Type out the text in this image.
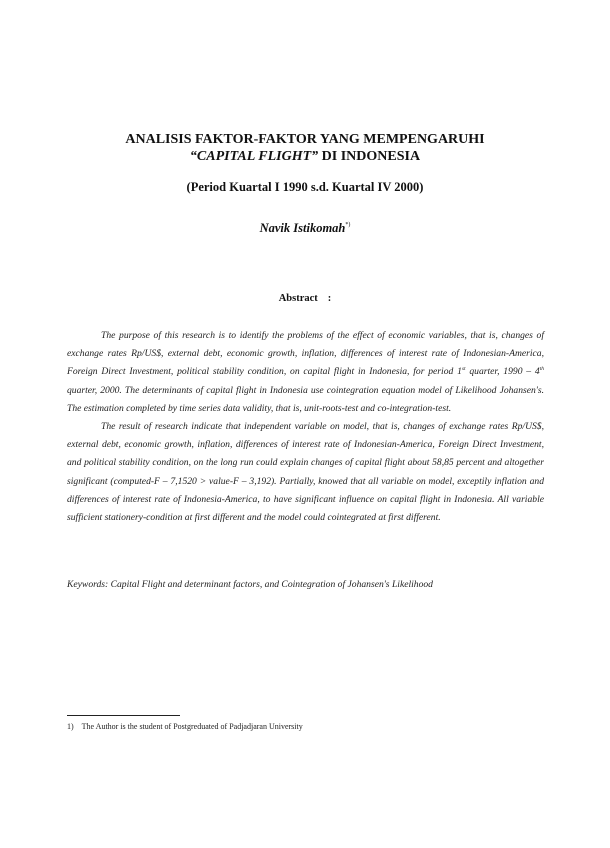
ANALISIS FAKTOR-FAKTOR YANG MEMPENGARUHI
“CAPITAL FLIGHT” DI INDONESIA
(Period Kuartal I 1990 s.d. Kuartal IV 2000)
Navik Istikomah*)
Abstract :

The purpose of this research is to identify the problems of the effect of economic variables, that is, changes of exchange rates Rp/US$, external debt, economic growth, inflation, differences of interest rate of Indonesian-America, Foreign Direct Investment, political stability condition, on capital flight in Indonesia, for period 1st quarter, 1990 – 4th quarter, 2000. The determinants of capital flight in Indonesia use cointegration equation model of Likelihood Johansen's. The estimation completed by time series data validity, that is, unit-roots-test and co-integration-test.

The result of research indicate that independent variable on model, that is, changes of exchange rates Rp/US$, external debt, economic growth, inflation, differences of interest rate of Indonesian-America, Foreign Direct Investment, and political stability condition, on the long run could explain changes of capital flight about 58,85 percent and altogether significant (computed-F – 7,1520 > value-F – 3,192). Partially, knowed that all variable on model, exceptily inflation and differences of interest rate of Indonesia-America, to have significant influence on capital flight in Indonesia. All variable sufficient stationery-condition at first different and the model could cointegrated at first different.

Keywords: Capital Flight and determinant factors, and Cointegration of Johansen's Likelihood
1) The Author is the student of Postgreduated of Padjadjaran University
